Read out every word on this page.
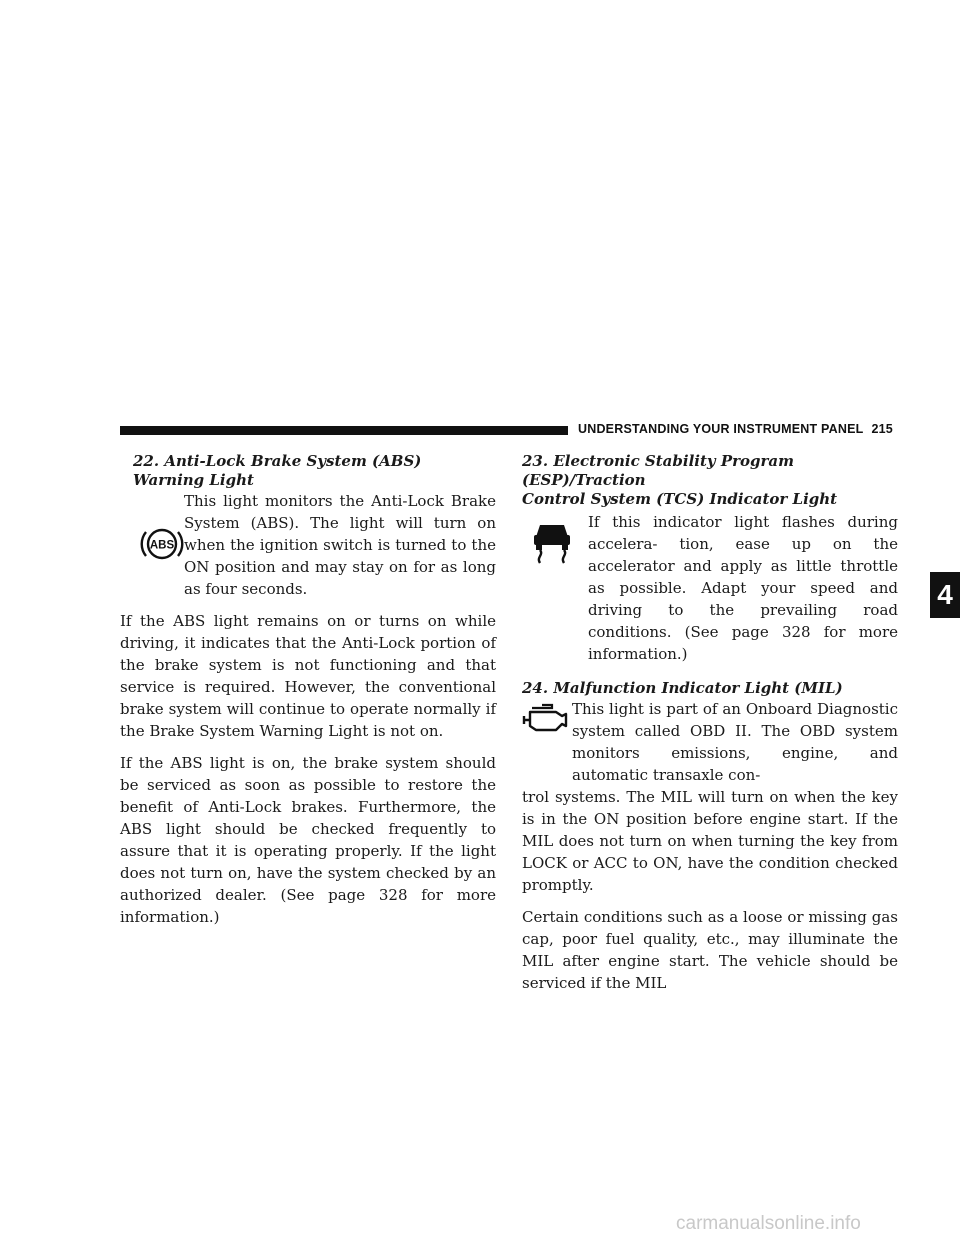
UNDERSTANDING YOUR INSTRUMENT PANEL 215
4

22. Anti-Lock Brake System (ABS) Warning Light

ABS

This light monitors the Anti-Lock Brake System (ABS). The light will turn on when the ignition switch is turned to the ON position and may stay on for as long as four seconds.

If the ABS light remains on or turns on while driving, it indicates that the Anti-Lock portion of the brake system is not functioning and that service is required. However, the conventional brake system will continue to operate normally if the Brake System Warning Light is not on.

If the ABS light is on, the brake system should be serviced as soon as possible to restore the benefit of Anti-Lock brakes. Furthermore, the ABS light should be checked frequently to assure that it is operating properly. If the light does not turn on, have the system checked by an authorized dealer. (See page 328 for more information.)

23. Electronic Stability Program (ESP)/Traction

Control System (TCS) Indicator Light

If this indicator light flashes during accelera- tion, ease up on the accelerator and apply as little throttle as possible. Adapt your speed and driving to the prevailing road conditions. (See page 328 for more information.)

24. Malfunction Indicator Light (MIL)

This light is part of an Onboard Diagnostic system called OBD II. The OBD system monitors emissions, engine, and automatic transaxle con-

trol systems. The MIL will turn on when the key is in the ON position before engine start. If the MIL does not turn on when turning the key from LOCK or ACC to ON, have the condition checked promptly.

Certain conditions such as a loose or missing gas cap, poor fuel quality, etc., may illuminate the MIL after engine start. The vehicle should be serviced if the MIL

carmanualsonline.info
